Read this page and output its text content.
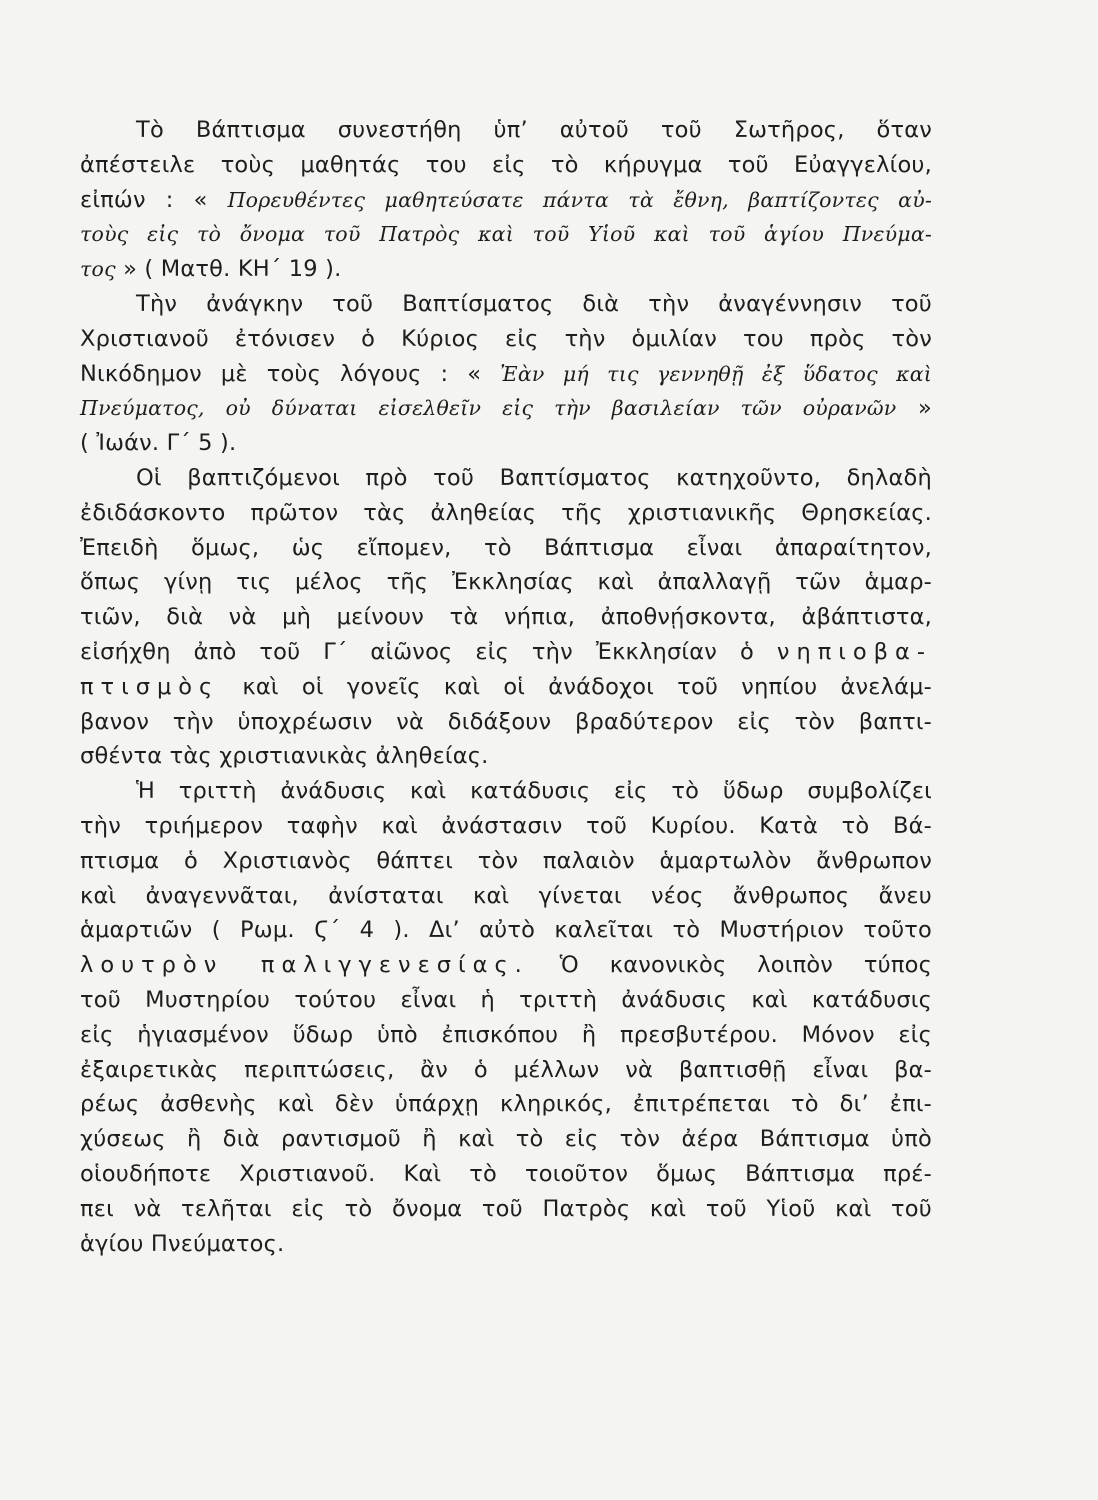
Τὸ Βάπτισμα συνεστήθη ὑπ’ αὐτοῦ τοῦ Σωτῆρος, ὅταν
ἀπέστειλε τοὺς μαθητάς του εἰς τὸ κήρυγμα τοῦ Εὐαγγελίου,
εἰπών : « Πορευθέντες μαθητεύσατε πάντα τὰ ἔθνη, βαπτίζοντες αὐ-
τοὺς εἰς τὸ ὄνομα τοῦ Πατρὸς καὶ τοῦ Υἱοῦ καὶ τοῦ ἁγίου Πνεύμα-
τος » ( Ματθ. ΚΗ΄ 19 ).
Τὴν ἀνάγκην τοῦ Βαπτίσματος διὰ τὴν ἀναγέννησιν τοῦ
Χριστιανοῦ ἐτόνισεν ὁ Κύριος εἰς τὴν ὁμιλίαν του πρὸς τὸν
Νικόδημον μὲ τοὺς λόγους : « Ἐὰν μή τις γεννηθῇ ἐξ ὕδατος καὶ
Πνεύματος, οὐ δύναται εἰσελθεῖν εἰς τὴν βασιλείαν τῶν οὐρανῶν »
( Ἰωάν. Γ΄ 5 ).
Οἱ βαπτιζόμενοι πρὸ τοῦ Βαπτίσματος κατηχοῦντο, δηλαδὴ
ἐδιδάσκοντο πρῶτον τὰς ἀληθείας τῆς χριστιανικῆς Θρησκείας.
Ἐπειδὴ ὅμως, ὡς εἴπομεν, τὸ Βάπτισμα εἶναι ἀπαραίτητον,
ὅπως γίνῃ τις μέλος τῆς Ἐκκλησίας καὶ ἀπαλλαγῇ τῶν ἁμαρ-
τιῶν, διὰ νὰ μὴ μείνουν τὰ νήπια, ἀποθνῄσκοντα, ἀβάπτιστα,
εἰσήχθη ἀπὸ τοῦ Γ΄ αἰῶνος εἰς τὴν Ἐκκλησίαν ὁ νηπιοβα-
πτισμὸς καὶ οἱ γονεῖς καὶ οἱ ἀνάδοχοι τοῦ νηπίου ἀνελάμ-
βανον τὴν ὑποχρέωσιν νὰ διδάξουν βραδύτερον εἰς τὸν βαπτι-
σθέντα τὰς χριστιανικὰς ἀληθείας.
Ἡ τριττὴ ἀνάδυσις καὶ κατάδυσις εἰς τὸ ὕδωρ συμβολίζει
τὴν τριήμερον ταφὴν καὶ ἀνάστασιν τοῦ Κυρίου. Κατὰ τὸ Βά-
πτισμα ὁ Χριστιανὸς θάπτει τὸν παλαιὸν ἁμαρτωλὸν ἄνθρωπον
καὶ ἀναγεννᾶται, ἀνίσταται καὶ γίνεται νέος ἄνθρωπος ἄνευ
ἁμαρτιῶν ( Ρωμ. Ϛ΄ 4 ). Δι’ αὐτὸ καλεῖται τὸ Μυστήριον τοῦτο
λουτρὸν παλιγγενεσίας. Ὁ κανονικὸς λοιπὸν τύπος
τοῦ Μυστηρίου τούτου εἶναι ἡ τριττὴ ἀνάδυσις καὶ κατάδυσις
εἰς ἡγιασμένον ὕδωρ ὑπὸ ἐπισκόπου ἢ πρεσβυτέρου. Μόνον εἰς
ἐξαιρετικὰς περιπτώσεις, ἂν ὁ μέλλων νὰ βαπτισθῇ εἶναι βα-
ρέως ἀσθενὴς καὶ δὲν ὑπάρχῃ κληρικός, ἐπιτρέπεται τὸ δι’ ἐπι-
χύσεως ἢ διὰ ραντισμοῦ ἢ καὶ τὸ εἰς τὸν ἀέρα Βάπτισμα ὑπὸ
οἱουδήποτε Χριστιανοῦ. Καὶ τὸ τοιοῦτον ὅμως Βάπτισμα πρέ-
πει νὰ τελῆται εἰς τὸ ὄνομα τοῦ Πατρὸς καὶ τοῦ Υἱοῦ καὶ τοῦ
ἁγίου Πνεύματος.
